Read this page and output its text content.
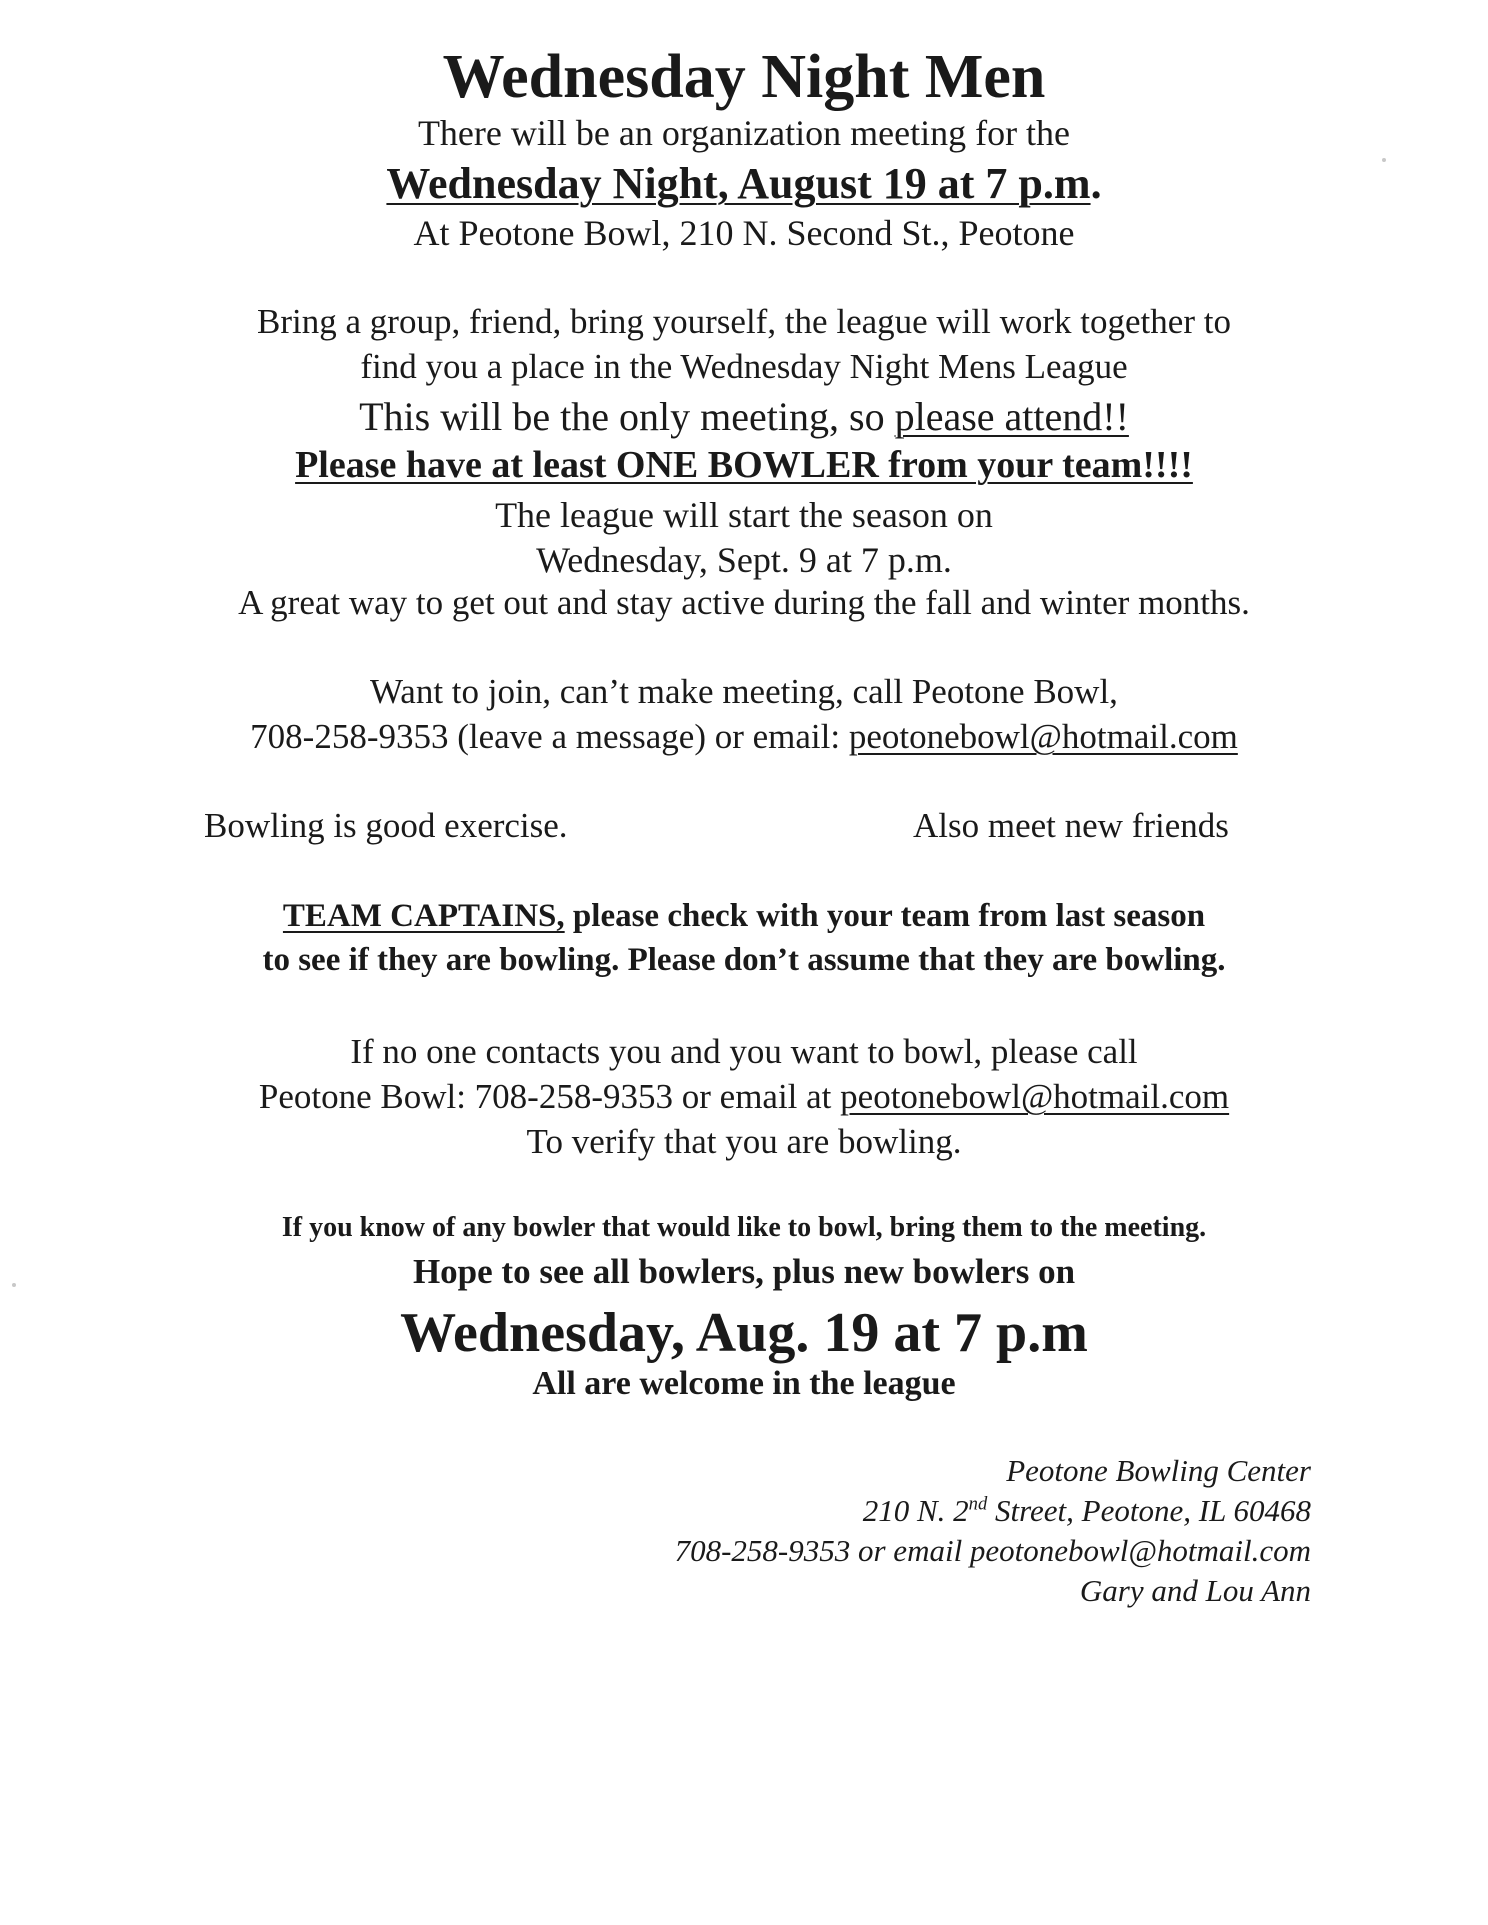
Wednesday Night Men
There will be an organization meeting for the
Wednesday Night, August 19 at 7 p.m.
At Peotone Bowl, 210 N. Second St., Peotone
Bring a group, friend, bring yourself, the league will work together to
find you a place in the Wednesday Night Mens League
This will be the only meeting, so please attend!!
Please have at least ONE BOWLER from your team!!!!
The league will start the season on
Wednesday, Sept. 9 at 7 p.m.
A great way to get out and stay active during the fall and winter months.
Want to join, can’t make meeting, call Peotone Bowl,
708-258-9353 (leave a message) or email: peotonebowl@hotmail.com
Bowling is good exercise.	Also meet new friends
TEAM CAPTAINS, please check with your team from last season
to see if they are bowling. Please don’t assume that they are bowling.
If no one contacts you and you want to bowl, please call
Peotone Bowl: 708-258-9353 or email at peotonebowl@hotmail.com
To verify that you are bowling.
If you know of any bowler that would like to bowl, bring them to the meeting.
Hope to see all bowlers, plus new bowlers on
Wednesday, Aug. 19 at 7 p.m
All are welcome in the league
Peotone Bowling Center
210 N. 2nd Street, Peotone, IL 60468
708-258-9353 or email peotonebowl@hotmail.com
Gary and Lou Ann
